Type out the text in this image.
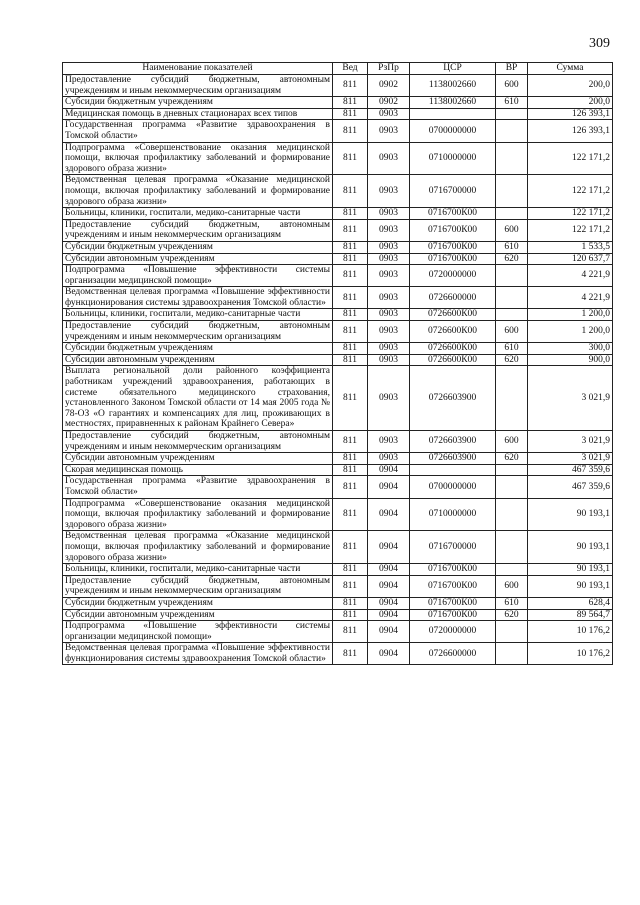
309
Наименование показателей	Вед	РзПр	ЦСР	ВР	Сумма
Предоставление субсидий бюджетным, автономным учреждениям и иным некоммерческим организациям	811	0902	1138002660	600	200,0
Субсидии бюджетным учреждениям	811	0902	1138002660	610	200,0
Медицинская помощь в дневных стационарах всех типов	811	0903			126 393,1
Государственная программа «Развитие здравоохранения в Томской области»	811	0903	0700000000		126 393,1
Подпрограмма «Совершенствование оказания медицинской помощи, включая профилактику заболеваний и формирование здорового образа жизни»	811	0903	0710000000		122 171,2
Ведомственная целевая программа «Оказание медицинской помощи, включая профилактику заболеваний и формирование здорового образа жизни»	811	0903	0716700000		122 171,2
Больницы, клиники, госпитали, медико-санитарные части	811	0903	0716700К00		122 171,2
Предоставление субсидий бюджетным, автономным учреждениям и иным некоммерческим организациям	811	0903	0716700К00	600	122 171,2
Субсидии бюджетным учреждениям	811	0903	0716700К00	610	1 533,5
Субсидии автономным учреждениям	811	0903	0716700К00	620	120 637,7
Подпрограмма «Повышение эффективности системы организации медицинской помощи»	811	0903	0720000000		4 221,9
Ведомственная целевая программа «Повышение эффективности функционирования системы здравоохранения Томской области»	811	0903	0726600000		4 221,9
Больницы, клиники, госпитали, медико-санитарные части	811	0903	0726600К00		1 200,0
Предоставление субсидий бюджетным, автономным учреждениям и иным некоммерческим организациям	811	0903	0726600К00	600	1 200,0
Субсидии бюджетным учреждениям	811	0903	0726600К00	610	300,0
Субсидии автономным учреждениям	811	0903	0726600К00	620	900,0
Выплата региональной доли районного коэффициента работникам учреждений здравоохранения, работающих в системе обязательного медицинского страхования, установленного Законом Томской области от 14 мая 2005 года № 78-ОЗ «О гарантиях и компенсациях для лиц, проживающих в местностях, приравненных к районам Крайнего Севера»	811	0903	0726603900		3 021,9
Предоставление субсидий бюджетным, автономным учреждениям и иным некоммерческим организациям	811	0903	0726603900	600	3 021,9
Субсидии автономным учреждениям	811	0903	0726603900	620	3 021,9
Скорая медицинская помощь	811	0904			467 359,6
Государственная программа «Развитие здравоохранения в Томской области»	811	0904	0700000000		467 359,6
Подпрограмма «Совершенствование оказания медицинской помощи, включая профилактику заболеваний и формирование здорового образа жизни»	811	0904	0710000000		90 193,1
Ведомственная целевая программа «Оказание медицинской помощи, включая профилактику заболеваний и формирование здорового образа жизни»	811	0904	0716700000		90 193,1
Больницы, клиники, госпитали, медико-санитарные части	811	0904	0716700К00		90 193,1
Предоставление субсидий бюджетным, автономным учреждениям и иным некоммерческим организациям	811	0904	0716700К00	600	90 193,1
Субсидии бюджетным учреждениям	811	0904	0716700К00	610	628,4
Субсидии автономным учреждениям	811	0904	0716700К00	620	89 564,7
Подпрограмма «Повышение эффективности системы организации медицинской помощи»	811	0904	0720000000		10 176,2
Ведомственная целевая программа «Повышение эффективности функционирования системы здравоохранения Томской области»	811	0904	0726600000		10 176,2
